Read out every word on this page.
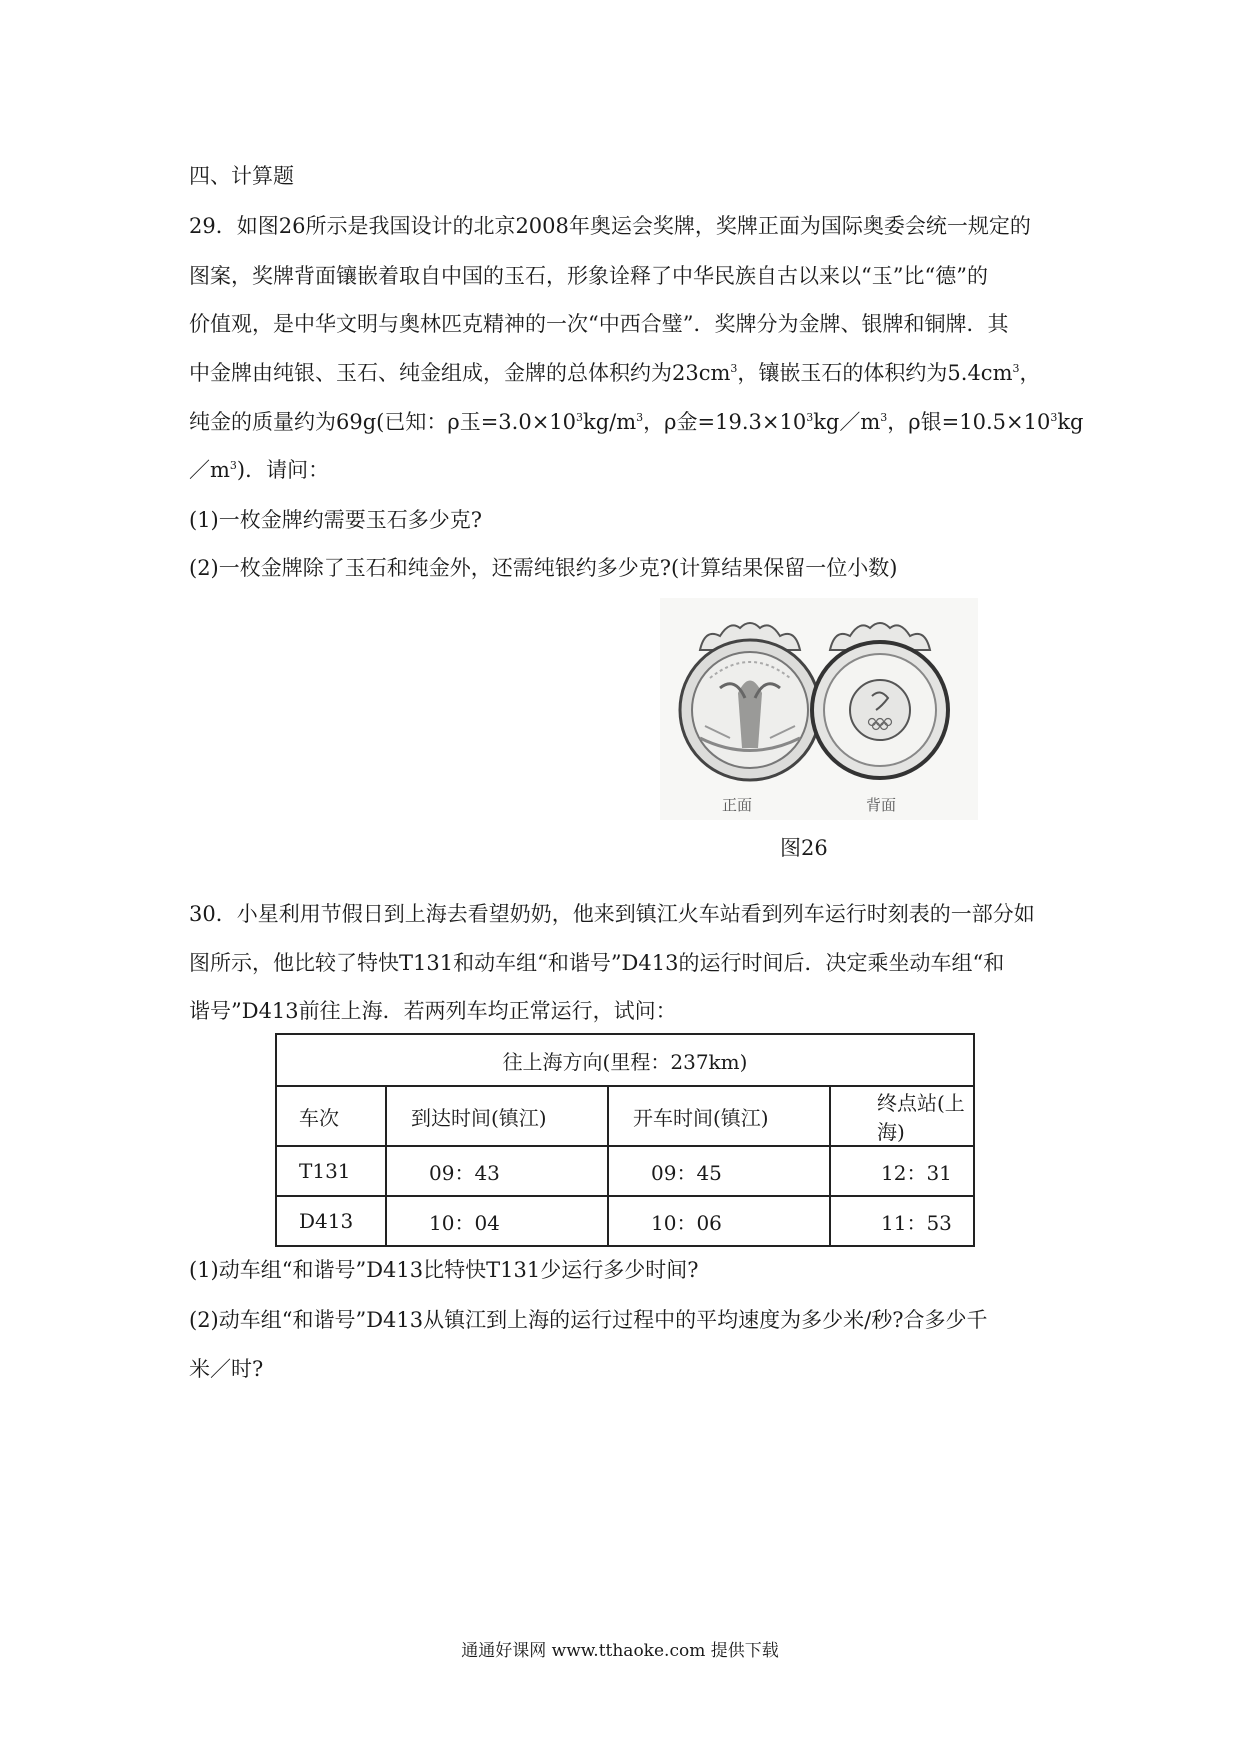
四、计算题
29．如图26所示是我国设计的北京2008年奥运会奖牌，奖牌正面为国际奥委会统一规定的
图案，奖牌背面镶嵌着取自中国的玉石，形象诠释了中华民族自古以来以“玉”比“德”的
价值观，是中华文明与奥林匹克精神的一次“中西合璧”．奖牌分为金牌、银牌和铜牌．其
中金牌由纯银、玉石、纯金组成，金牌的总体积约为$23cm^3$，镶嵌玉石的体积约为$5.4cm^3$，
纯金的质量约为69g(已知：ρ玉$=3.0\times 10^3kg/m^3$，ρ金$=19.3\times 10^3kg/m^3$，ρ银$=10.5\times 10^3kg$
$/m^3$)．请问：
(1)一枚金牌约需要玉石多少克?
(2)一枚金牌除了玉石和纯金外，还需纯银约多少克?(计算结果保留一位小数)
正面	背面
图26
30．小星利用节假日到上海去看望奶奶，他来到镇江火车站看到列车运行时刻表的一部分如
图所示，他比较了特快T131和动车组“和谐号”D413的运行时间后．决定乘坐动车组“和
谐号”D413前往上海．若两列车均正常运行，试问：
往上海方向(里程：237km)			
车次	到达时间(镇江)	开车时间(镇江)	终点站(上海)
T131	09：43	09：45	12：31
D413	10：04	10：06	11：53
(1)动车组“和谐号”D413比特快T131少运行多少时间?
(2)动车组“和谐号”D413从镇江到上海的运行过程中的平均速度为多少米/秒?合多少千
米／时?
通通好课网 www.tthaoke.com 提供下载
